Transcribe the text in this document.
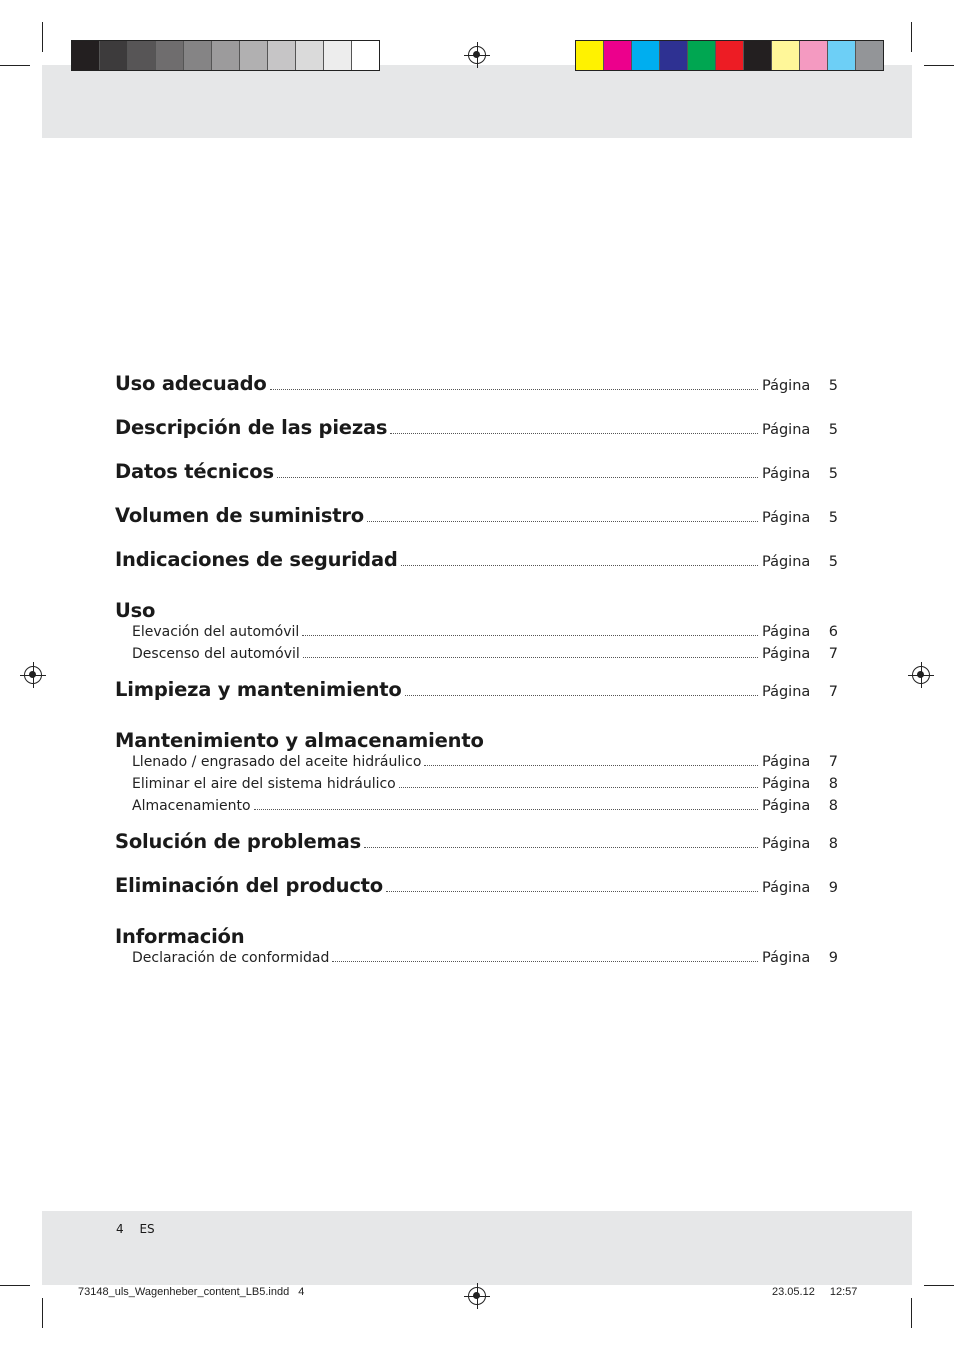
Uso adecuado	Página	5
Descripción de las piezas	Página	5
Datos técnicos	Página	5
Volumen de suministro	Página	5
Indicaciones de seguridad	Página	5
Uso
Elevación del automóvil	Página	6
Descenso del automóvil	Página	7
Limpieza y mantenimiento	Página	7
Mantenimiento y almacenamiento
Llenado / engrasado del aceite hidráulico	Página	7
Eliminar el aire del sistema hidráulico	Página	8
Almacenamiento	Página	8
Solución de problemas	Página	8
Eliminación del producto	Página	9
Información
Declaración de conformidad	Página	9
4 ES
73148_uls_Wagenheber_content_LB5.indd 4	23.05.12 12:57
